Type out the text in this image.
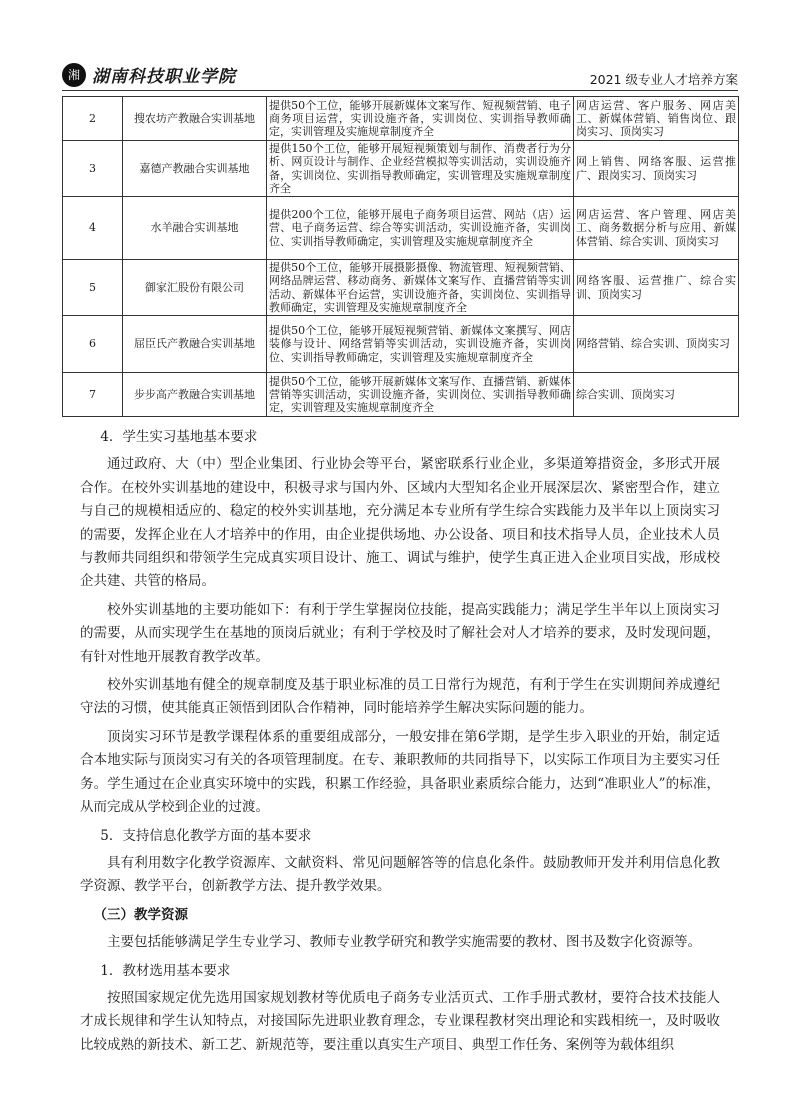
湘 湖南科技职业学院	2021 级专业人才培养方案
2	搜农坊产教融合实训基地	提供50个工位，能够开展新媒体文案写作、短视频营销、电子商务项目运营，实训设施齐备，实训岗位、实训指导教师确定，实训管理及实施规章制度齐全	网店运营、客户服务、网店美工、新媒体营销、销售岗位、跟岗实习、顶岗实习
3	嘉德产教融合实训基地	提供150个工位，能够开展短视频策划与制作、消费者行为分析、网页设计与制作、企业经营模拟等实训活动，实训设施齐备，实训岗位、实训指导教师确定，实训管理及实施规章制度齐全	网上销售、网络客服、运营推广、跟岗实习、顶岗实习
4	水羊融合实训基地	提供200个工位，能够开展电子商务项目运营、网站（店）运营、电子商务运营、综合等实训活动，实训设施齐备，实训岗位、实训指导教师确定，实训管理及实施规章制度齐全	网店运营、客户管理、网店美工、商务数据分析与应用、新媒体营销、综合实训、顶岗实习
5	御家汇股份有限公司	提供50个工位，能够开展摄影摄像、物流管理、短视频营销、网络品牌运营、移动商务、新媒体文案写作、直播营销等实训活动、新媒体平台运营，实训设施齐备，实训岗位、实训指导教师确定，实训管理及实施规章制度齐全	网络客服、运营推广、综合实训、顶岗实习
6	屈臣氏产教融合实训基地	提供50个工位，能够开展短视频营销、新媒体文案撰写、网店装修与设计、网络营销等实训活动，实训设施齐备，实训岗位、实训指导教师确定，实训管理及实施规章制度齐全	网络营销、综合实训、顶岗实习
7	步步高产教融合实训基地	提供50个工位，能够开展新媒体文案写作、直播营销、新媒体营销等实训活动，实训设施齐备，实训岗位、实训指导教师确定，实训管理及实施规章制度齐全	综合实训、顶岗实习
4．学生实习基地基本要求
通过政府、大（中）型企业集团、行业协会等平台，紧密联系行业企业，多渠道筹措资金，多形式开展合作。在校外实训基地的建设中，积极寻求与国内外、区域内大型知名企业开展深层次、紧密型合作，建立与自己的规模相适应的、稳定的校外实训基地，充分满足本专业所有学生综合实践能力及半年以上顶岗实习的需要，发挥企业在人才培养中的作用，由企业提供场地、办公设备、项目和技术指导人员，企业技术人员与教师共同组织和带领学生完成真实项目设计、施工、调试与维护，使学生真正进入企业项目实战，形成校企共建、共管的格局。
校外实训基地的主要功能如下：有利于学生掌握岗位技能，提高实践能力；满足学生半年以上顶岗实习的需要，从而实现学生在基地的顶岗后就业；有利于学校及时了解社会对人才培养的要求，及时发现问题，有针对性地开展教育教学改革。
校外实训基地有健全的规章制度及基于职业标准的员工日常行为规范，有利于学生在实训期间养成遵纪守法的习惯，使其能真正领悟到团队合作精神，同时能培养学生解决实际问题的能力。
顶岗实习环节是教学课程体系的重要组成部分，一般安排在第6学期，是学生步入职业的开始，制定适合本地实际与顶岗实习有关的各项管理制度。在专、兼职教师的共同指导下，以实际工作项目为主要实习任务。学生通过在企业真实环境中的实践，积累工作经验，具备职业素质综合能力，达到“准职业人”的标准，从而完成从学校到企业的过渡。
5．支持信息化教学方面的基本要求
具有利用数字化教学资源库、文献资料、常见问题解答等的信息化条件。鼓励教师开发并利用信息化教学资源、教学平台，创新教学方法、提升教学效果。
（三）教学资源
主要包括能够满足学生专业学习、教师专业教学研究和教学实施需要的教材、图书及数字化资源等。
1．教材选用基本要求
按照国家规定优先选用国家规划教材等优质电子商务专业活页式、工作手册式教材，要符合技术技能人才成长规律和学生认知特点，对接国际先进职业教育理念，专业课程教材突出理论和实践相统一，及时吸收比较成熟的新技术、新工艺、新规范等，要注重以真实生产项目、典型工作任务、案例等为载体组织
